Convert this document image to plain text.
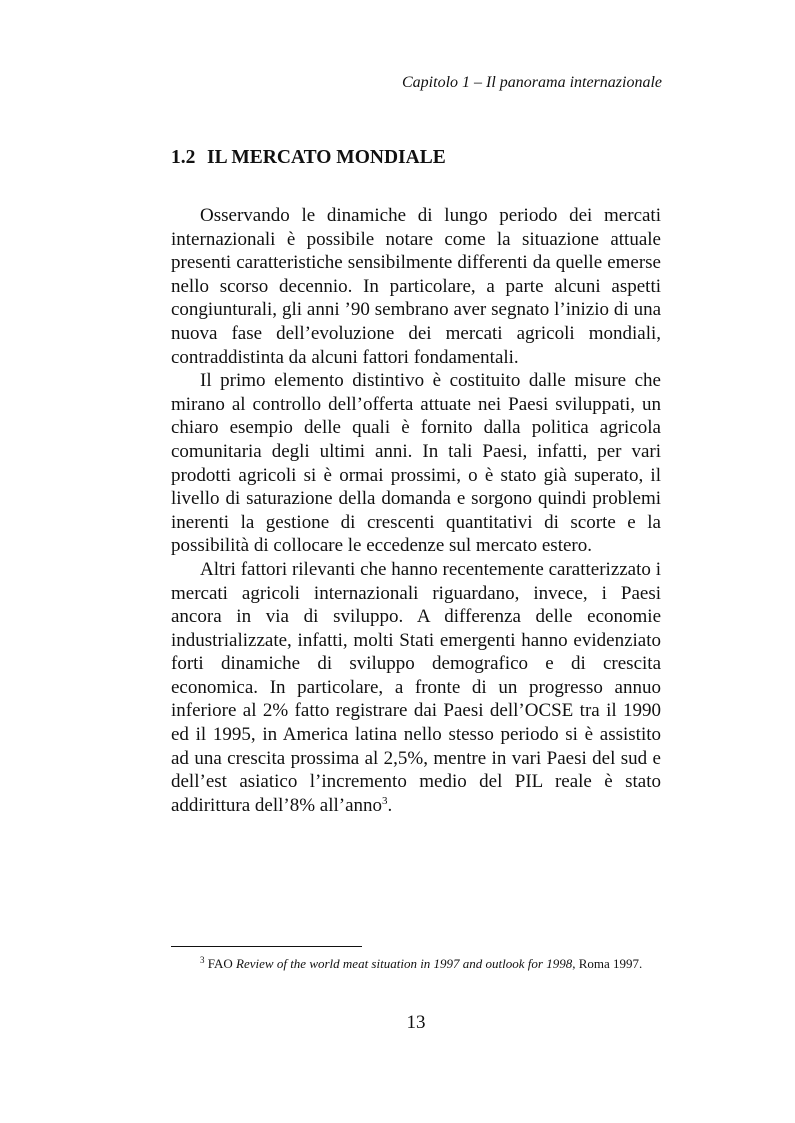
Capitolo 1 – Il panorama internazionale
1.2 IL MERCATO MONDIALE

Osservando le dinamiche di lungo periodo dei mercati internazionali è possibile notare come la situazione attuale presenti caratteristiche sensibilmente differenti da quelle emerse nello scorso decennio. In particolare, a parte alcuni aspetti congiunturali, gli anni ’90 sembrano aver segnato l’inizio di una nuova fase dell’evoluzione dei mercati agricoli mondiali, contraddistinta da alcuni fattori fondamentali.

Il primo elemento distintivo è costituito dalle misure che mirano al controllo dell’offerta attuate nei Paesi sviluppati, un chiaro esempio delle quali è fornito dalla politica agricola comunitaria degli ultimi anni. In tali Paesi, infatti, per vari prodotti agricoli si è ormai prossimi, o è stato già superato, il livello di saturazione della domanda e sorgono quindi problemi inerenti la gestione di crescenti quantitativi di scorte e la possibilità di collocare le eccedenze sul mercato estero.

Altri fattori rilevanti che hanno recentemente caratterizzato i mercati agricoli internazionali riguardano, invece, i Paesi ancora in via di sviluppo. A differenza delle economie industrializzate, infatti, molti Stati emergenti hanno evidenziato forti dinamiche di sviluppo demografico e di crescita economica. In particolare, a fronte di un progresso annuo inferiore al 2% fatto registrare dai Paesi dell’OCSE tra il 1990 ed il 1995, in America latina nello stesso periodo si è assistito ad una crescita prossima al 2,5%, mentre in vari Paesi del sud e dell’est asiatico l’incremento medio del PIL reale è stato addirittura dell’8% all’anno$^3$.

$^3$ FAO Review of the world meat situation in 1997 and outlook for 1998, Roma 1997.
13
